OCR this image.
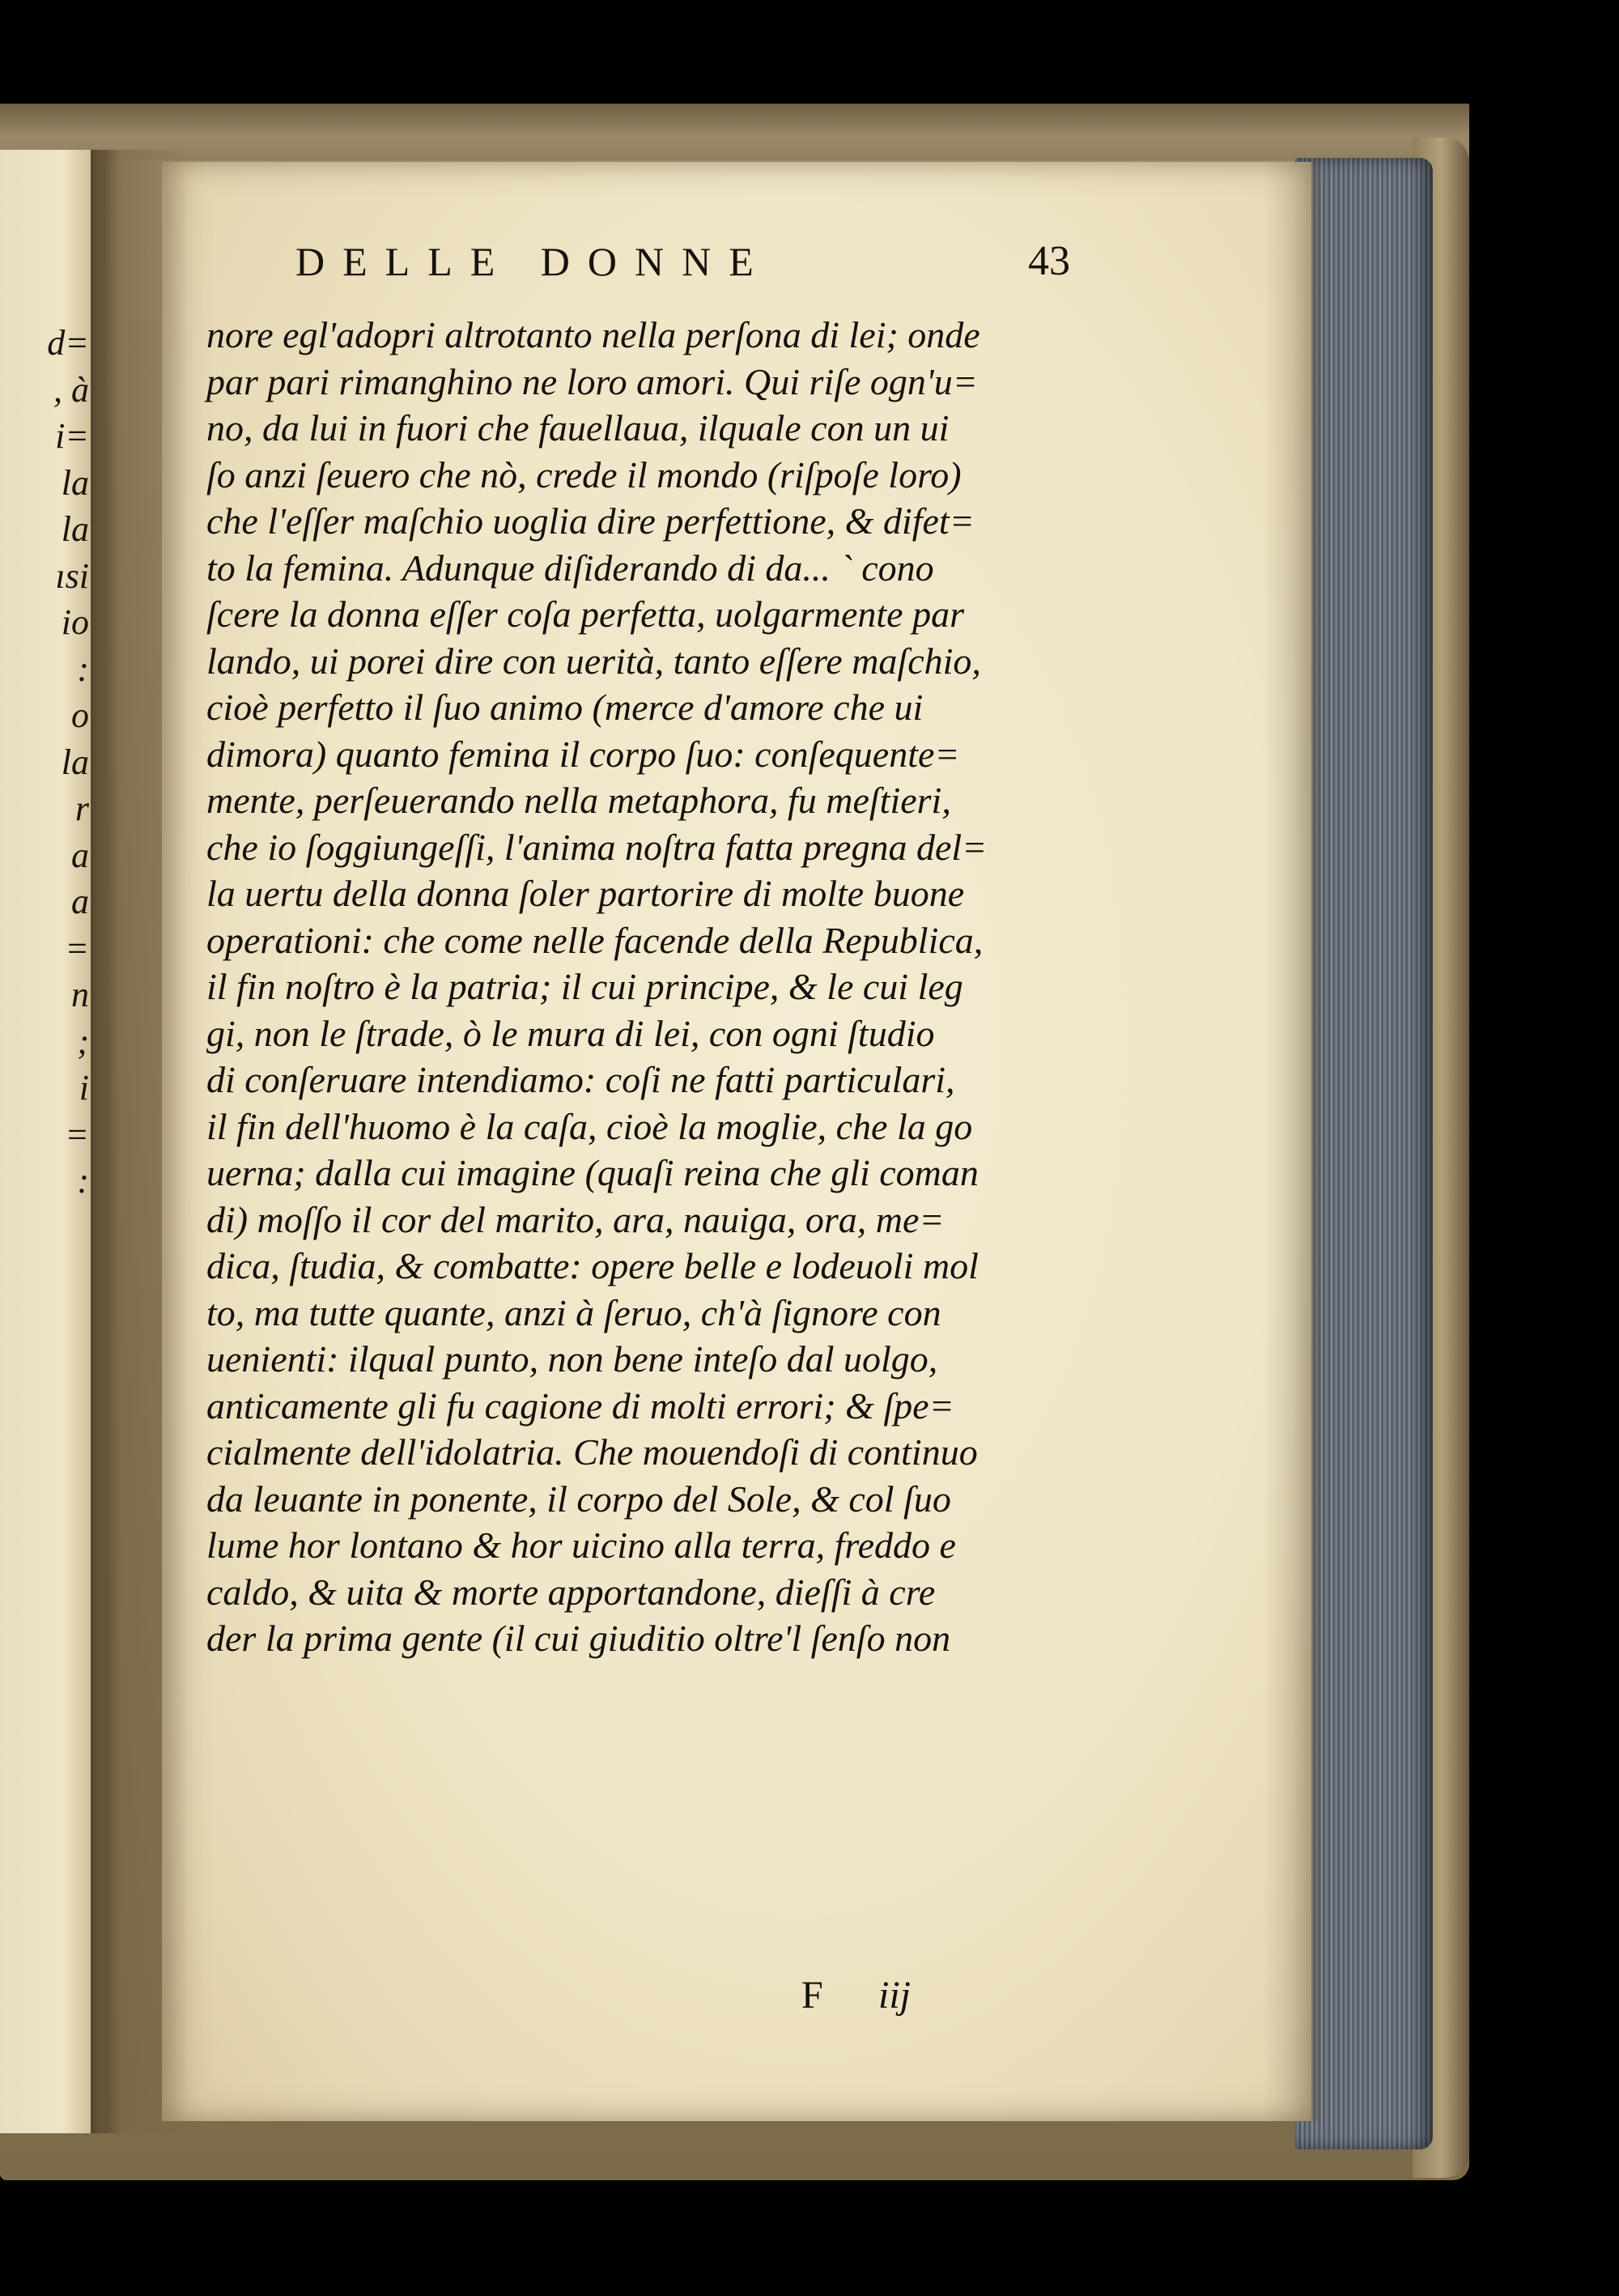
d=
, à
i=
la
la
ısi
io
:
o
la
r
a
a
=
n
;
i
=
:
DELLE DONNE	43
nore egl'adopri altrotanto nella perſona di lei; onde
par pari rimanghino ne loro amori. Qui riſe ogn'u=
no, da lui in fuori che fauellaua, ilquale con un ui
ſo anzi ſeuero che nò, crede il mondo (riſpoſe loro)
che l'eſſer maſchio uoglia dire perfettione, & difet=
to la femina. Adunque diſiderando di da... ` cono
ſcere la donna eſſer coſa perfetta, uolgarmente par
lando, ui porei dire con uerità, tanto eſſere maſchio,
cioè perfetto il ſuo animo (merce d'amore che ui
dimora) quanto femina il corpo ſuo: conſequente=
mente, perſeuerando nella metaphora, fu meſtieri,
che io ſoggiungeſſi, l'anima noſtra fatta pregna del=
la uertu della donna ſoler partorire di molte buone
operationi: che come nelle facende della Republica,
il fin noſtro è la patria; il cui principe, & le cui leg
gi, non le ſtrade, ò le mura di lei, con ogni ſtudio
di conſeruare intendiamo: coſi ne fatti particulari,
il fin dell'huomo è la caſa, cioè la moglie, che la go
uerna; dalla cui imagine (quaſi reina che gli coman
di) moſſo il cor del marito, ara, nauiga, ora, me=
dica, ſtudia, & combatte: opere belle e lodeuoli mol
to, ma tutte quante, anzi à ſeruo, ch'à ſignore con
uenienti: ilqual punto, non bene inteſo dal uolgo,
anticamente gli fu cagione di molti errori; & ſpe=
cialmente dell'idolatria. Che mouendoſi di continuo
da leuante in ponente, il corpo del Sole, & col ſuo
lume hor lontano & hor uicino alla terra, freddo e
caldo, & uita & morte apportandone, dieſſi à cre
der la prima gente (il cui giuditio oltre'l ſenſo non
F iij
